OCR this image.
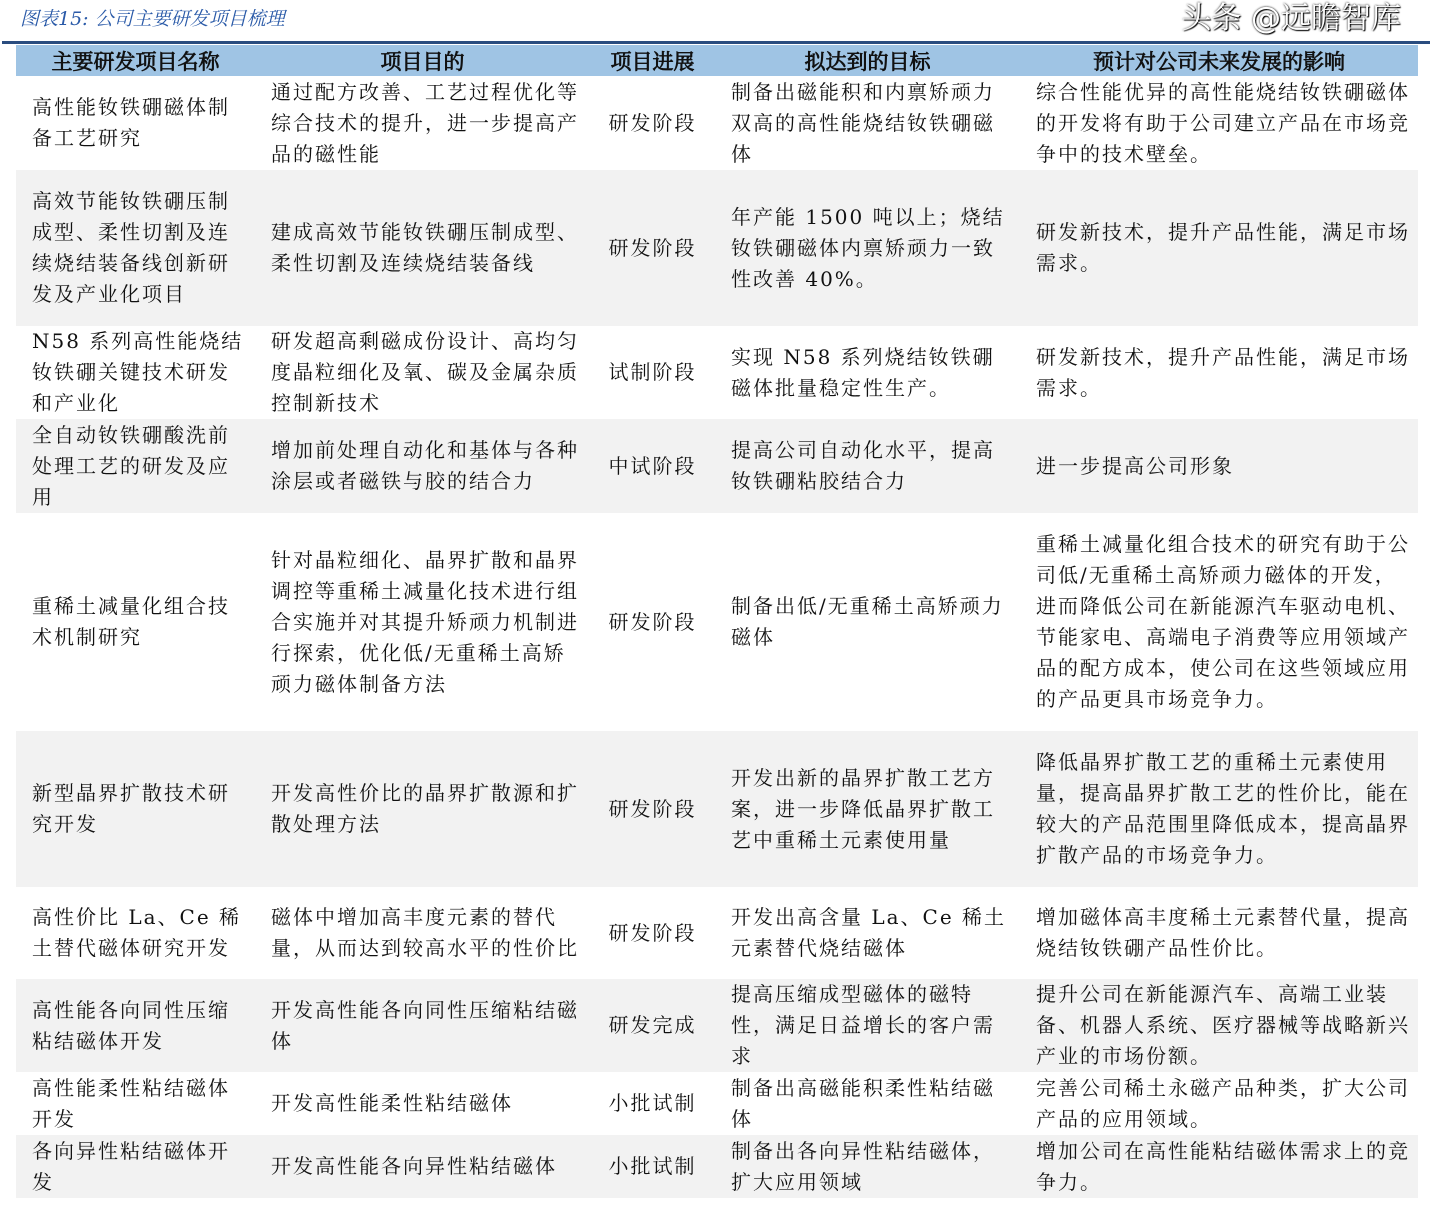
图表15: 公司主要研发项目梳理	头条 @远瞻智库
主要研发项目名称	项目目的	项目进展	拟达到的目标	预计对公司未来发展的影响
高性能钕铁硼磁体制备工艺研究	通过配方改善、工艺过程优化等综合技术的提升，进一步提高产品的磁性能	研发阶段	制备出磁能积和内禀矫顽力双高的高性能烧结钕铁硼磁体	综合性能优异的高性能烧结钕铁硼磁体的开发将有助于公司建立产品在市场竞争中的技术壁垒。
高效节能钕铁硼压制成型、柔性切割及连续烧结装备线创新研发及产业化项目	建成高效节能钕铁硼压制成型、柔性切割及连续烧结装备线	研发阶段	年产能 1500 吨以上；烧结钕铁硼磁体内禀矫顽力一致性改善 40%。	研发新技术，提升产品性能，满足市场需求。
N58 系列高性能烧结钕铁硼关键技术研发和产业化	研发超高剩磁成份设计、高均匀度晶粒细化及氧、碳及金属杂质控制新技术	试制阶段	实现 N58 系列烧结钕铁硼磁体批量稳定性生产。	研发新技术，提升产品性能，满足市场需求。
全自动钕铁硼酸洗前处理工艺的研发及应用	增加前处理自动化和基体与各种涂层或者磁铁与胶的结合力	中试阶段	提高公司自动化水平，提高钕铁硼粘胶结合力	进一步提高公司形象
重稀土减量化组合技术机制研究	针对晶粒细化、晶界扩散和晶界调控等重稀土减量化技术进行组合实施并对其提升矫顽力机制进行探索，优化低/无重稀土高矫顽力磁体制备方法	研发阶段	制备出低/无重稀土高矫顽力磁体	重稀土减量化组合技术的研究有助于公司低/无重稀土高矫顽力磁体的开发，进而降低公司在新能源汽车驱动电机、节能家电、高端电子消费等应用领域产品的配方成本，使公司在这些领域应用的产品更具市场竞争力。
新型晶界扩散技术研究开发	开发高性价比的晶界扩散源和扩散处理方法	研发阶段	开发出新的晶界扩散工艺方案，进一步降低晶界扩散工艺中重稀土元素使用量	降低晶界扩散工艺的重稀土元素使用量，提高晶界扩散工艺的性价比，能在较大的产品范围里降低成本，提高晶界扩散产品的市场竞争力。
高性价比 La、Ce 稀土替代磁体研究开发	磁体中增加高丰度元素的替代量，从而达到较高水平的性价比	研发阶段	开发出高含量 La、Ce 稀土元素替代烧结磁体	增加磁体高丰度稀土元素替代量，提高烧结钕铁硼产品性价比。
高性能各向同性压缩粘结磁体开发	开发高性能各向同性压缩粘结磁体	研发完成	提高压缩成型磁体的磁特性，满足日益增长的客户需求	提升公司在新能源汽车、高端工业装备、机器人系统、医疗器械等战略新兴产业的市场份额。
高性能柔性粘结磁体开发	开发高性能柔性粘结磁体	小批试制	制备出高磁能积柔性粘结磁体	完善公司稀土永磁产品种类，扩大公司产品的应用领域。
各向异性粘结磁体开发	开发高性能各向异性粘结磁体	小批试制	制备出各向异性粘结磁体，扩大应用领域	增加公司在高性能粘结磁体需求上的竞争力。
